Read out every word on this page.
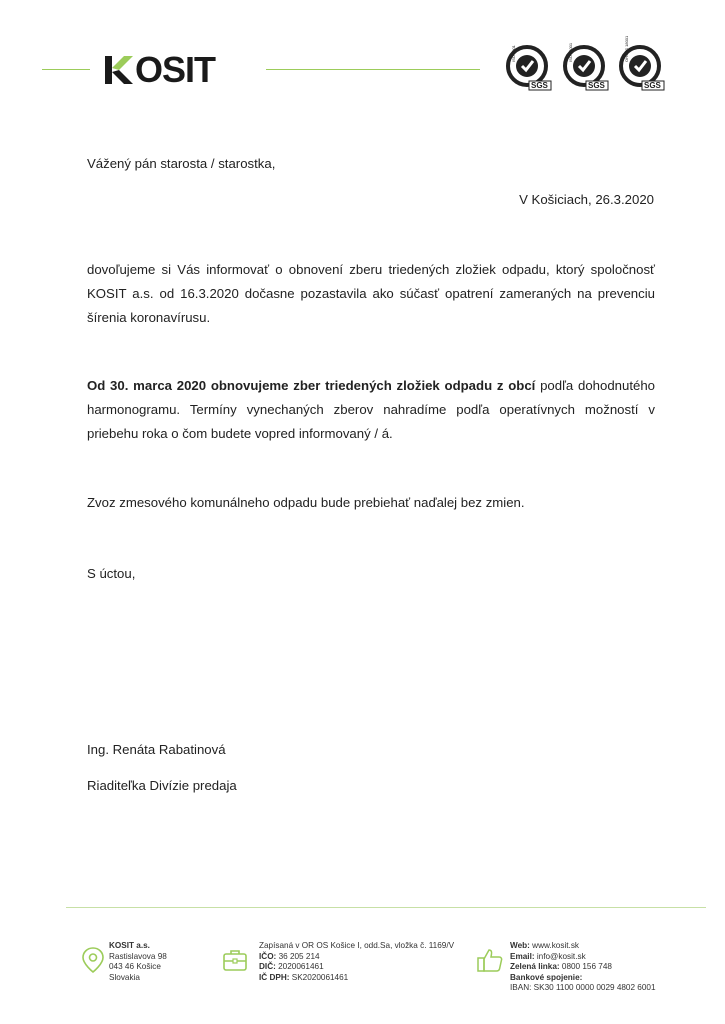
OSIT	SGS
ISO 9001
SGS
ISO 14001
SGS
OHSAS 18001
Vážený pán starosta / starostka,
V Košiciach, 26.3.2020
dovoľujeme si Vás informovať o obnovení zberu triedených zložiek odpadu, ktorý spoločnosť KOSIT a.s. od 16.3.2020 dočasne pozastavila ako súčasť opatrení zameraných na prevenciu šírenia koronavírusu.
Od 30. marca 2020 obnovujeme zber triedených zložiek odpadu z obcí podľa dohodnutého harmonogramu. Termíny vynechaných zberov nahradíme podľa operatívnych možností v priebehu roka o čom budete vopred informovaný / á.
Zvoz zmesového komunálneho odpadu bude prebiehať naďalej bez zmien.
S úctou,
Ing. Renáta Rabatinová
Riaditeľka Divízie predaja
KOSIT a.s.
Rastislavova 98
043 46 Košice
Slovakia
Zapísaná v OR OS Košice I, odd.Sa, vložka č. 1169/V
IČO: 36 205 214
DIČ: 2020061461
IČ DPH: SK2020061461
Web: www.kosit.sk
Email: info@kosit.sk
Zelená linka: 0800 156 748
Bankové spojenie:
IBAN: SK30 1100 0000 0029 4802 6001
